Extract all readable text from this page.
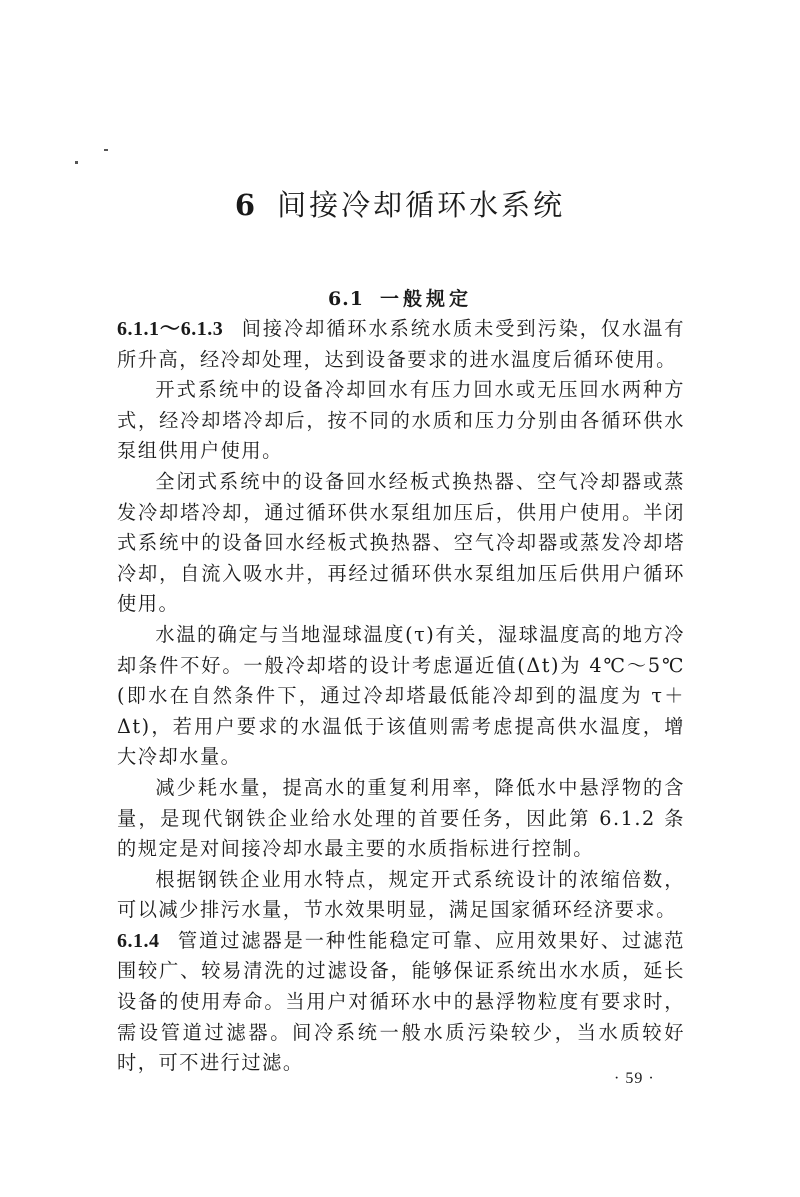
6 间接冷却循环水系统
6.1 一般规定

6.1.1～6.1.3 间接冷却循环水系统水质未受到污染，仅水温有所升高，经冷却处理，达到设备要求的进水温度后循环使用。

开式系统中的设备冷却回水有压力回水或无压回水两种方式，经冷却塔冷却后，按不同的水质和压力分别由各循环供水泵组供用户使用。

全闭式系统中的设备回水经板式换热器、空气冷却器或蒸发冷却塔冷却，通过循环供水泵组加压后，供用户使用。半闭式系统中的设备回水经板式换热器、空气冷却器或蒸发冷却塔冷却，自流入吸水井，再经过循环供水泵组加压后供用户循环使用。

水温的确定与当地湿球温度(τ)有关，湿球温度高的地方冷却条件不好。一般冷却塔的设计考虑逼近值(Δt)为 4℃～5℃(即水在自然条件下，通过冷却塔最低能冷却到的温度为 τ＋Δt)，若用户要求的水温低于该值则需考虑提高供水温度，增大冷却水量。

减少耗水量，提高水的重复利用率，降低水中悬浮物的含量，是现代钢铁企业给水处理的首要任务，因此第 6.1.2 条的规定是对间接冷却水最主要的水质指标进行控制。

根据钢铁企业用水特点，规定开式系统设计的浓缩倍数，可以减少排污水量，节水效果明显，满足国家循环经济要求。

6.1.4 管道过滤器是一种性能稳定可靠、应用效果好、过滤范围较广、较易清洗的过滤设备，能够保证系统出水水质，延长设备的使用寿命。当用户对循环水中的悬浮物粒度有要求时，需设管道过滤器。间冷系统一般水质污染较少，当水质较好时，可不进行过滤。

· 59 ·
